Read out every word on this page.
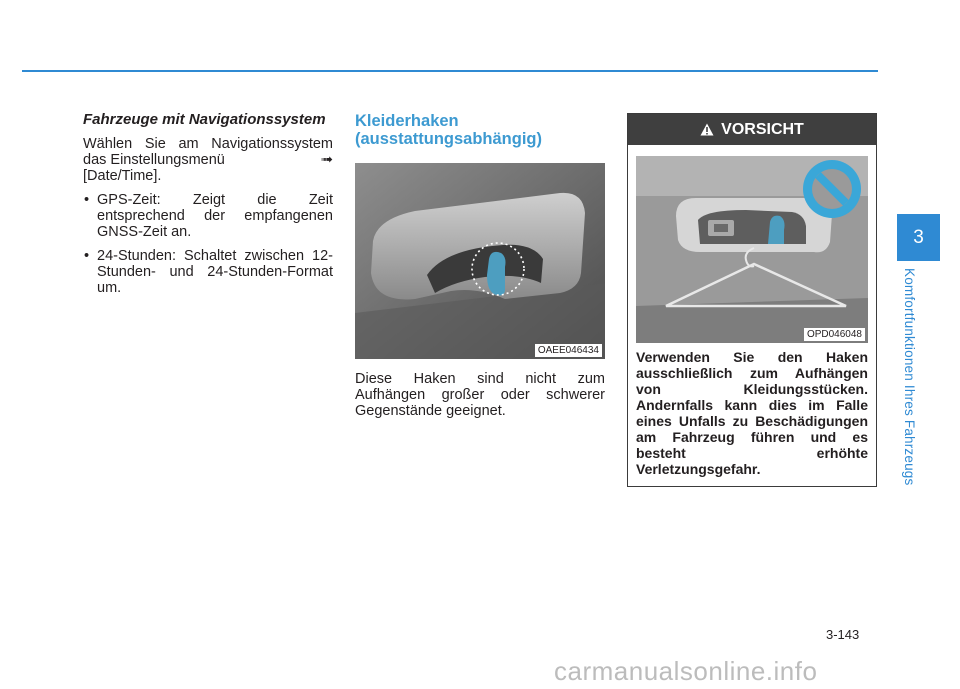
Fahrzeuge mit Navigationssystem

Wählen Sie am Navigationssystem das Einstellungsmenü	➟

[Date/Time].

• GPS-Zeit: Zeigt die Zeit entsprechend der empfangenen GNSS-Zeit an.
• 24-Stunden: Schaltet zwischen 12-Stunden- und 24-Stunden-Format um.
Kleiderhaken (ausstattungsabhängig)
OAEE046434

Diese Haken sind nicht zum Aufhängen großer oder schwerer Gegenstände geeignet.

VORSICHT
OPD046048

Verwenden Sie den Haken ausschließlich zum Aufhängen von Kleidungsstücken. Andernfalls kann dies im Falle eines Unfalls zu Beschädigungen am Fahrzeug führen und es besteht erhöhte Verletzungsgefahr.

3
Komfortfunktionen Ihres Fahrzeugs
3-143
carmanualsonline.info
